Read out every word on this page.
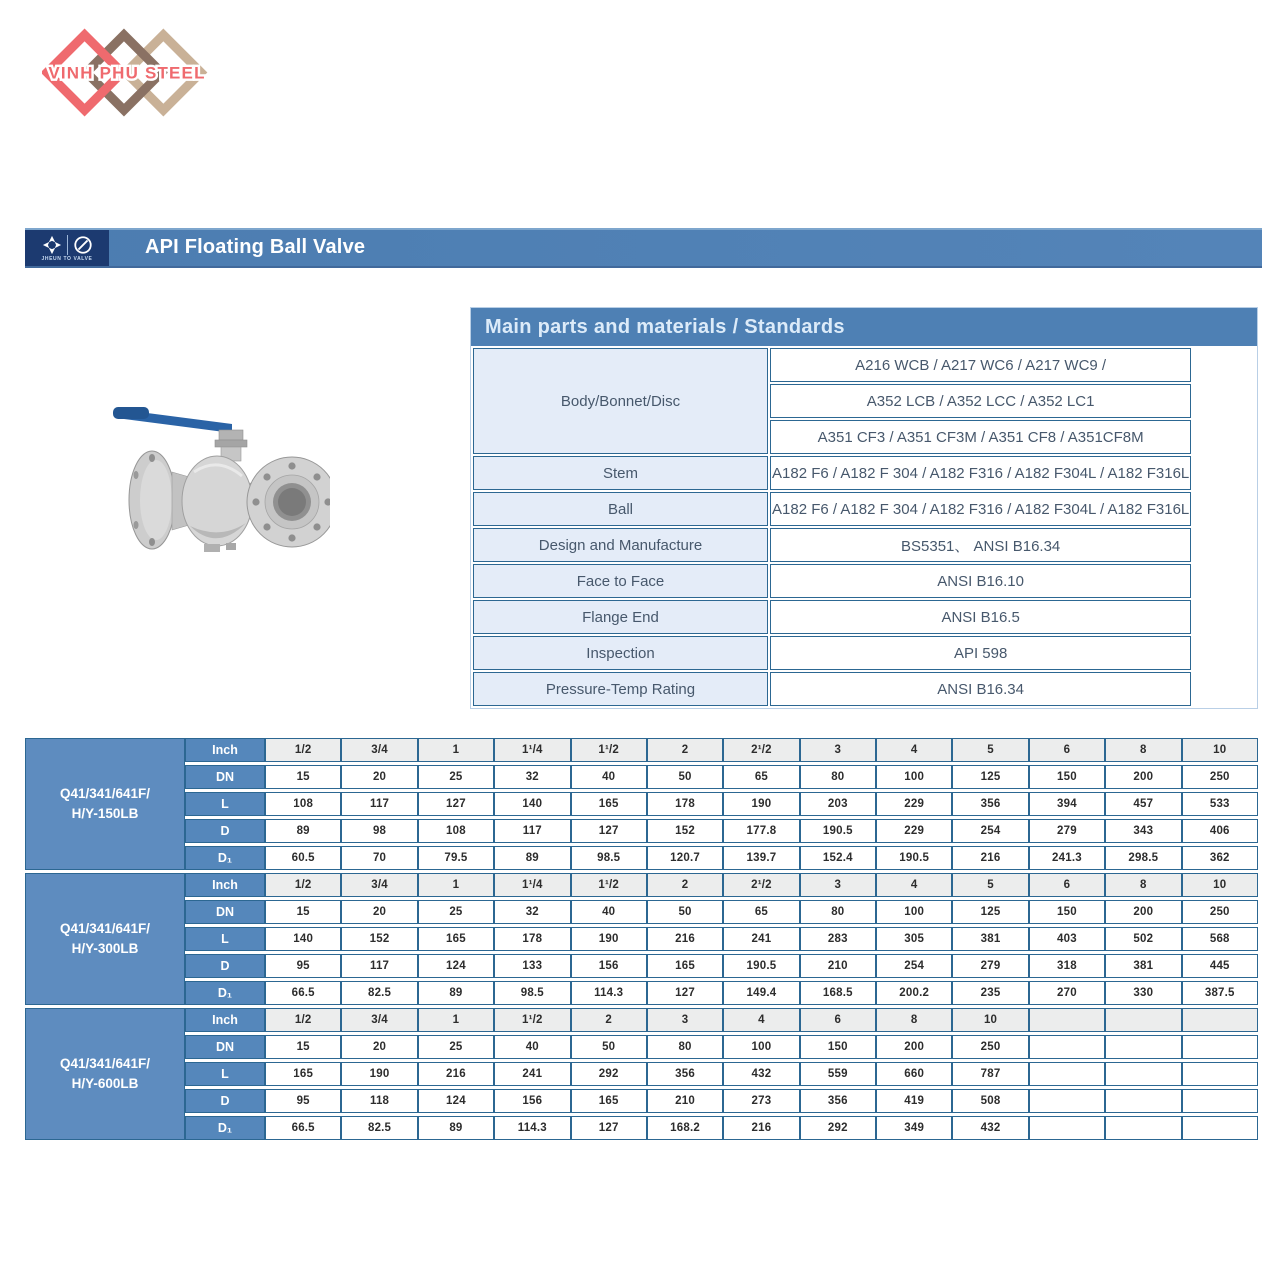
VINH PHU STEEL
JHEUN TO VALVE
API Floating Ball Valve
Main parts and materials / Standards
Body/Bonnet/Disc	A216 WCB / A217 WC6 / A217 WC9 /
	A352 LCB / A352 LCC / A352 LC1
	A351 CF3 / A351 CF3M / A351 CF8 / A351CF8M
Stem	A182 F6 / A182 F 304 / A182 F316 / A182 F304L / A182 F316L
Ball	A182 F6 / A182 F 304 / A182 F316 / A182 F304L / A182 F316L
Design and Manufacture	BS5351、 ANSI B16.34
Face to Face	ANSI B16.10
Flange End	ANSI B16.5
Inspection	API 598
Pressure-Temp Rating	ANSI B16.34
Q41/341/641F/
H/Y-150LB	Inch	1/2	3/4	1	1¹/4	1¹/2	2	2¹/2	3	4	5	6	8	10
	DN	15	20	25	32	40	50	65	80	100	125	150	200	250
	L	108	117	127	140	165	178	190	203	229	356	394	457	533
	D	89	98	108	117	127	152	177.8	190.5	229	254	279	343	406
	D₁	60.5	70	79.5	89	98.5	120.7	139.7	152.4	190.5	216	241.3	298.5	362

Q41/341/641F/
H/Y-300LB	Inch	1/2	3/4	1	1¹/4	1¹/2	2	2¹/2	3	4	5	6	8	10
	DN	15	20	25	32	40	50	65	80	100	125	150	200	250
	L	140	152	165	178	190	216	241	283	305	381	403	502	568
	D	95	117	124	133	156	165	190.5	210	254	279	318	381	445
	D₁	66.5	82.5	89	98.5	114.3	127	149.4	168.5	200.2	235	270	330	387.5

Q41/341/641F/
H/Y-600LB	Inch	1/2	3/4	1	1¹/2	2	3	4	6	8	10			
	DN	15	20	25	40	50	80	100	150	200	250			
	L	165	190	216	241	292	356	432	559	660	787			
	D	95	118	124	156	165	210	273	356	419	508			
	D₁	66.5	82.5	89	114.3	127	168.2	216	292	349	432			
